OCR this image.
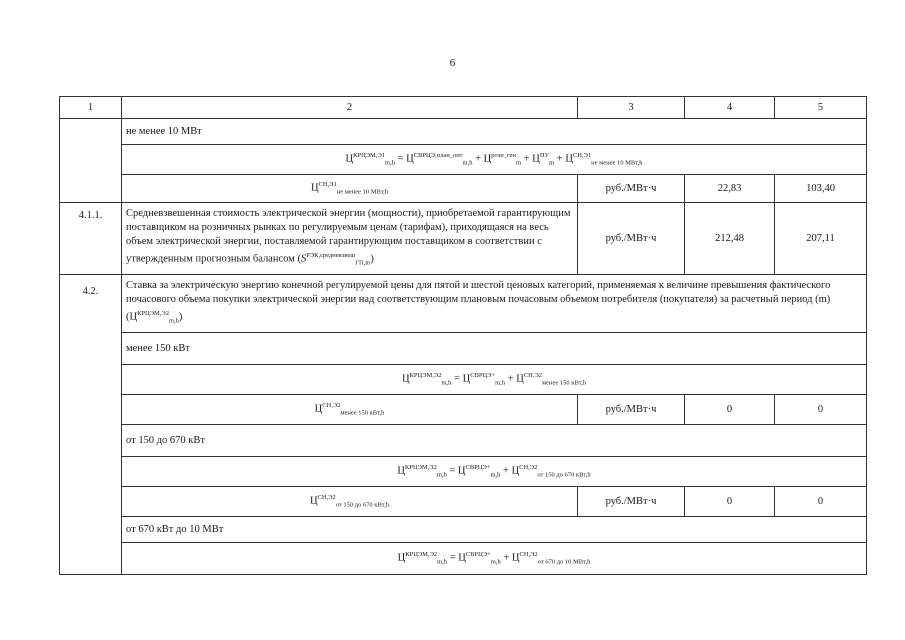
6
1	2	3	4	5
	не менее 10 МВт			
	$Ц^{КРЦЭМ,Э1}_{m,h} = Ц^{СВРЦЭ,план\_опт}_{m,h} + Ц^{розн\_ген}_m + Ц^{ПУ}_m + Ц^{СН,Э1}_{не менее 10 МВт,h}$
	$Ц^{СН,Э1}_{не менее 10 МВт,h}$	руб./МВт·ч	22,83	103,40
4.1.1.	Средневзвешенная стоимость электрической энергии (мощности), приобретаемой гарантирующим поставщиком на розничных рынках по регулируемым ценам (тарифам), приходящаяся на весь объем электрической энергии, поставляемой гарантирующим поставщиком в соответствии с утвержденным прогнозным балансом $(S^{РЭК,средневзвеш}_{ГП,m})$	руб./МВт·ч	212,48	207,11
4.2.	Ставка за электрическую энергию конечной регулируемой цены для пятой и шестой ценовых категорий, применяемая к величине превышения фактического почасового объема покупки электрической энергии над соответствующим плановым почасовым объемом потребителя (покупателя) за расчетный период (m) $(Ц^{КРЦЭМ,Э2}_{m,h})$			
	менее 150 кВт			
	$Ц^{КРЦЭМ,Э2}_{m,h} = Ц^{СВРЦЭ+}_{m,h} + Ц^{СН,Э2}_{менее 150 кВт,h}$
	$Ц^{СН,Э2}_{менее 150 кВт,h}$	руб./МВт·ч	0	0
	от 150 до 670 кВт			
	$Ц^{КРЦЭМ,Э2}_{m,h} = Ц^{СВРЦЭ+}_{m,h} + Ц^{СН,Э2}_{от 150 до 670 кВт,h}$
	$Ц^{СН,Э2}_{от 150 до 670 кВт,h}$	руб./МВт·ч	0	0
	от 670 кВт до 10 МВт			
	$Ц^{КРЦЭМ,Э2}_{m,h} = Ц^{СВРЦЭ+}_{m,h} + Ц^{СН,Э2}_{от 670 до 10 МВт,h}$
